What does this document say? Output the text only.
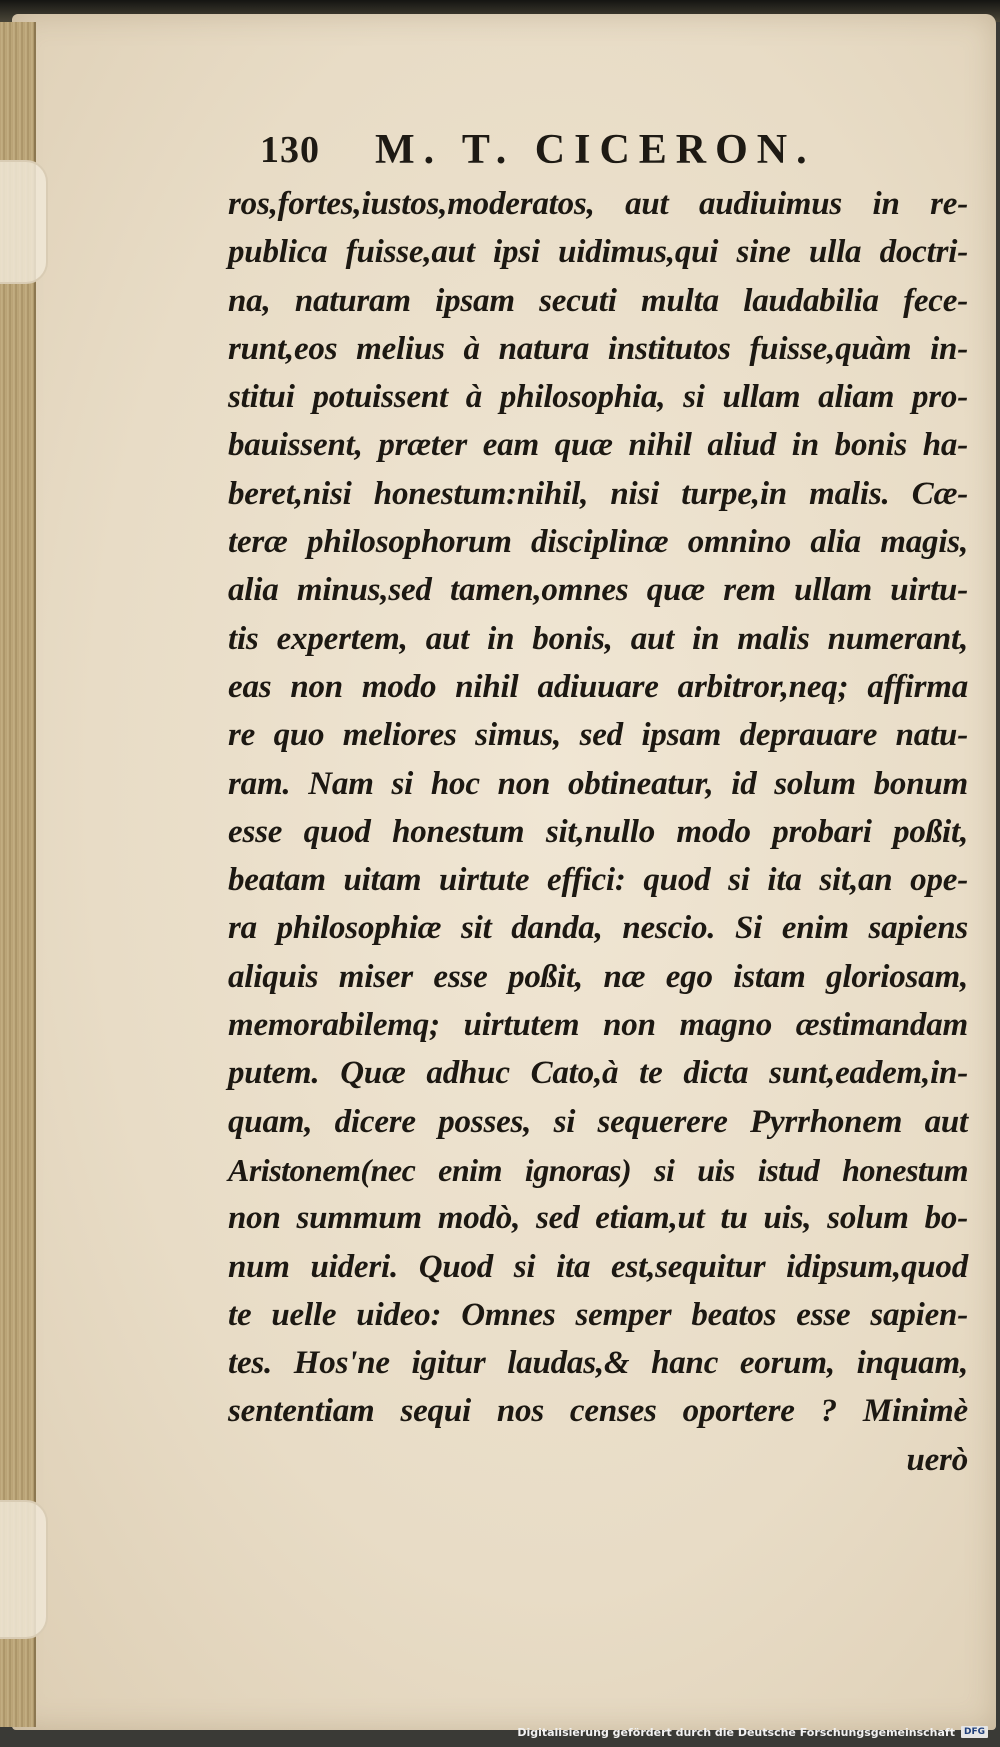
130	M. T. CICERON.
ros,fortes,iustos,moderatos, aut audiuimus in re-
publica fuisse,aut ipsi uidimus,qui sine ulla doctri-
na, naturam ipsam secuti multa laudabilia fece-
runt,eos melius à natura institutos fuisse,quàm in-
stitui potuissent à philosophia, si ullam aliam pro-
bauissent, præter eam quæ nihil aliud in bonis ha-
beret,nisi honestum:nihil, nisi turpe,in malis. Cæ-
teræ philosophorum disciplinæ omnino alia magis,
alia minus,sed tamen,omnes quæ rem ullam uirtu-
tis expertem, aut in bonis, aut in malis numerant,
eas non modo nihil adiuuare arbitror,neq; affirma
re quo meliores simus, sed ipsam deprauare natu-
ram. Nam si hoc non obtineatur, id solum bonum
esse quod honestum sit,nullo modo probari poßit,
beatam uitam uirtute effici: quod si ita sit,an ope-
ra philosophiæ sit danda, nescio. Si enim sapiens
aliquis miser esse poßit, næ ego istam gloriosam,
memorabilemq; uirtutem non magno æstimandam
putem. Quæ adhuc Cato,à te dicta sunt,eadem,in-
quam, dicere posses, si sequerere Pyrrhonem aut
Aristonem(nec enim ignoras) si uis istud honestum
non summum modò, sed etiam,ut tu uis, solum bo-
num uideri. Quod si ita est,sequitur idipsum,quod
te uelle uideo: Omnes semper beatos esse sapien-
tes. Hos'ne igitur laudas,& hanc eorum, inquam,
sententiam sequi nos censes oportere ? Minimè
uerò
Digitalisierung gefördert durch die Deutsche Forschungsgemeinschaft	DFG
